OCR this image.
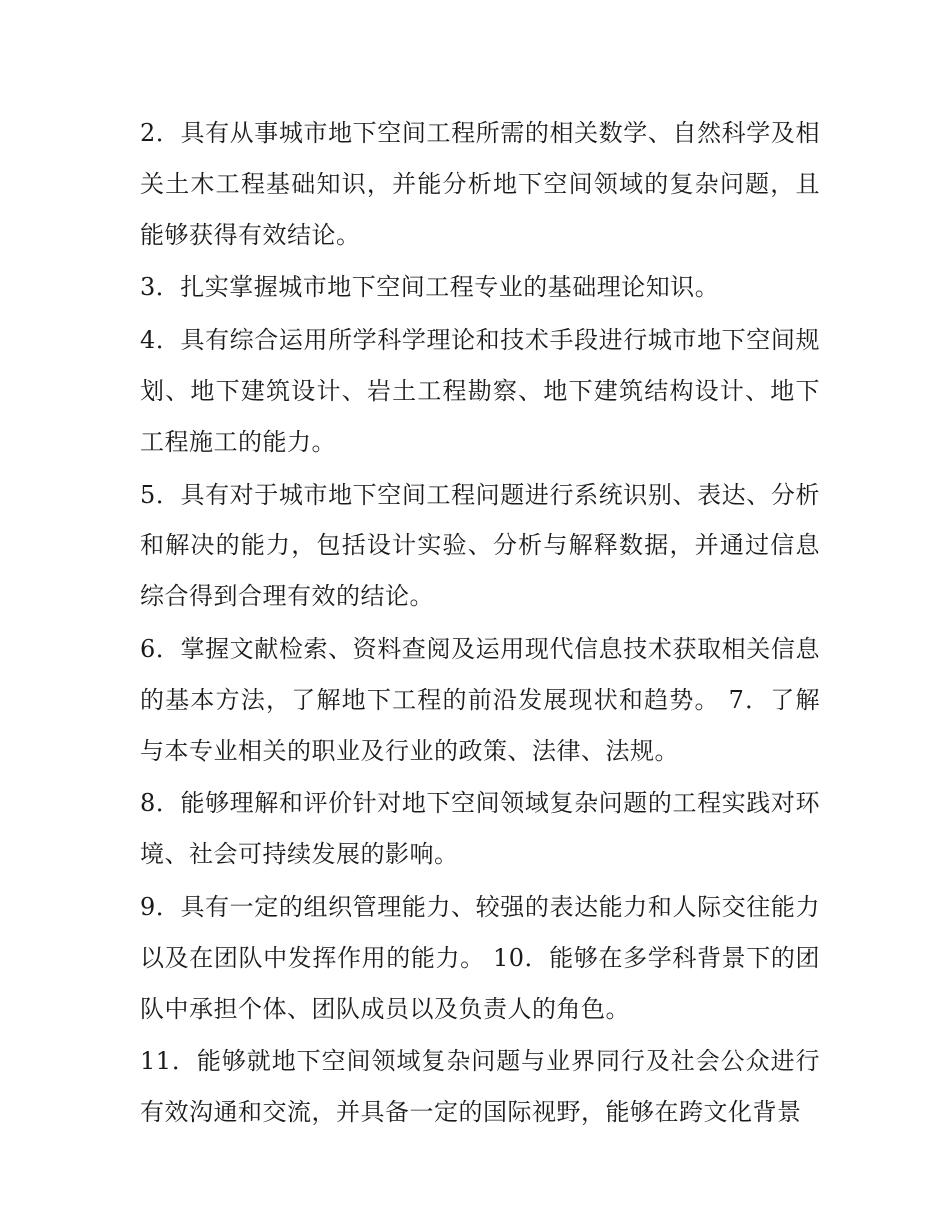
2．具有从事城市地下空间工程所需的相关数学、自然科学及相关土木工程基础知识，并能分析地下空间领域的复杂问题，且能够获得有效结论。

3．扎实掌握城市地下空间工程专业的基础理论知识。

4．具有综合运用所学科学理论和技术手段进行城市地下空间规划、地下建筑设计、岩土工程勘察、地下建筑结构设计、地下工程施工的能力。

5．具有对于城市地下空间工程问题进行系统识别、表达、分析和解决的能力，包括设计实验、分析与解释数据，并通过信息综合得到合理有效的结论。

6．掌握文献检索、资料查阅及运用现代信息技术获取相关信息的基本方法，了解地下工程的前沿发展现状和趋势。 7．了解与本专业相关的职业及行业的政策、法律、法规。

8．能够理解和评价针对地下空间领域复杂问题的工程实践对环境、社会可持续发展的影响。

9．具有一定的组织管理能力、较强的表达能力和人际交往能力以及在团队中发挥作用的能力。 10．能够在多学科背景下的团队中承担个体、团队成员以及负责人的角色。

11．能够就地下空间领域复杂问题与业界同行及社会公众进行有效沟通和交流，并具备一定的国际视野，能够在跨文化背景
